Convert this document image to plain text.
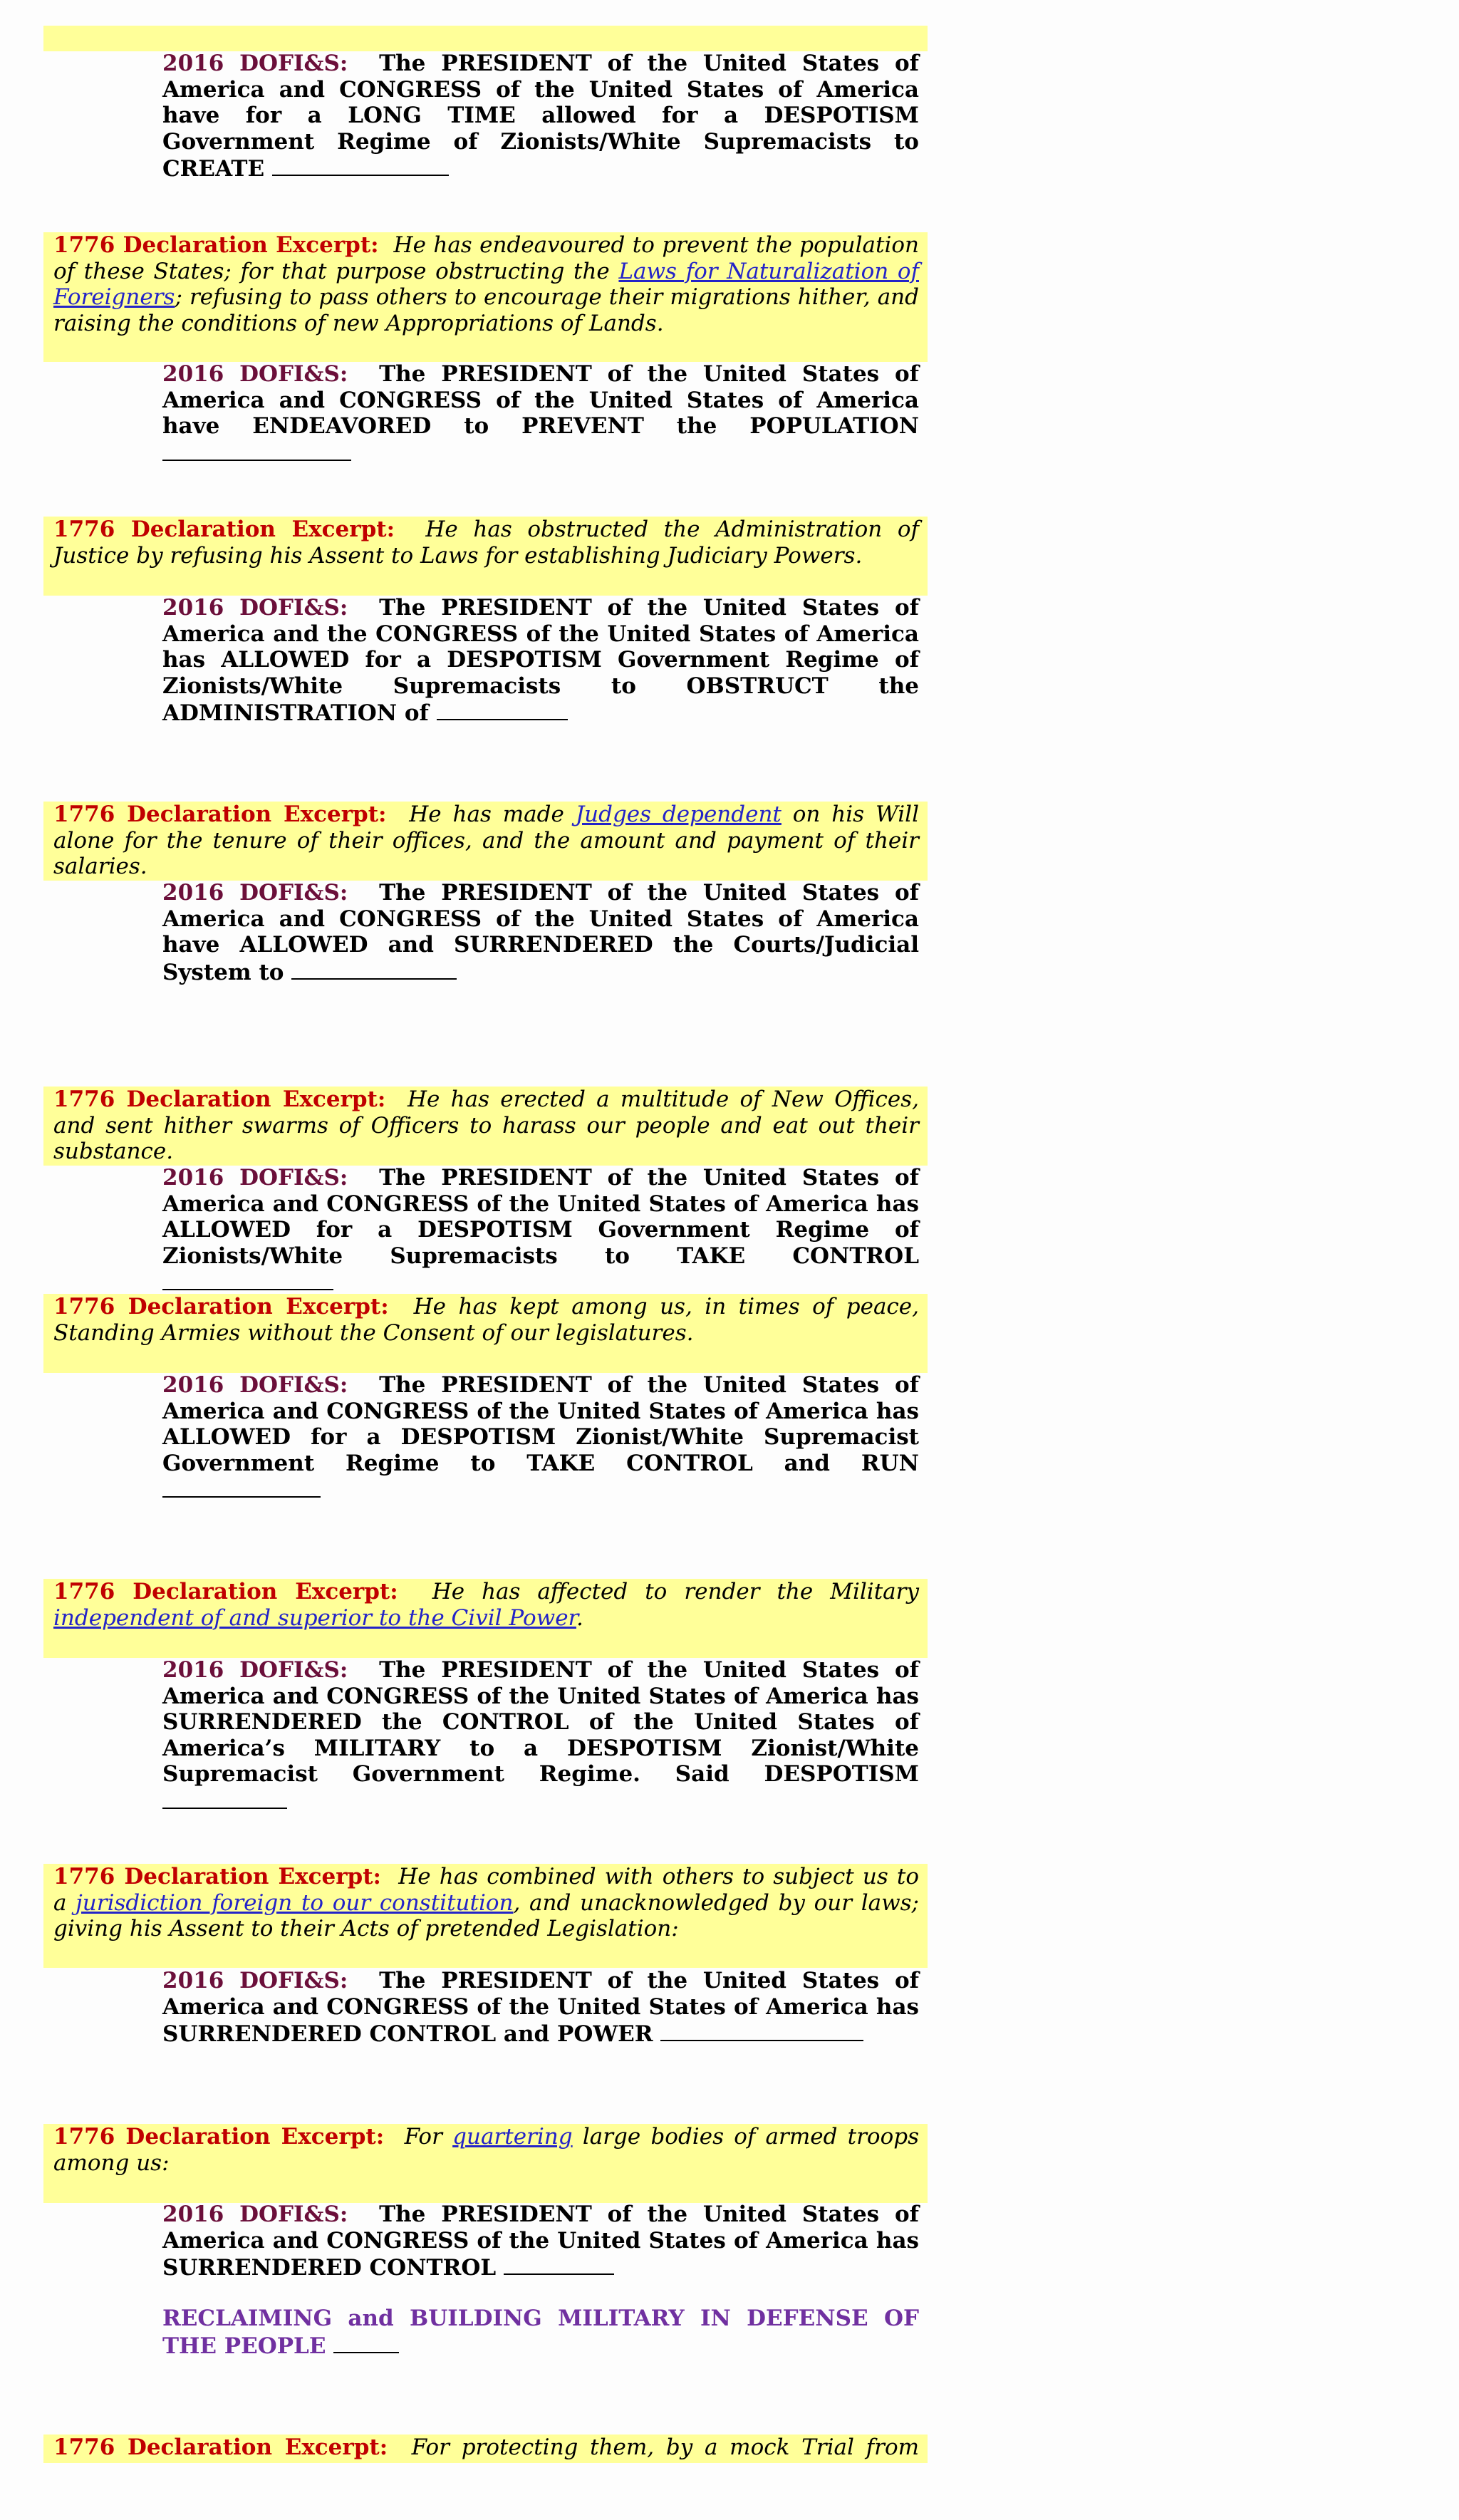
2016 DOFI&S: The PRESIDENT of the United States of America and CONGRESS of the United States of America have for a LONG TIME allowed for a DESPOTISM Government Regime of Zionists/White Supremacists to CREATE
1776 Declaration Excerpt: He has endeavoured to prevent the population of these States; for that purpose obstructing the Laws for Naturalization of Foreigners; refusing to pass others to encourage their migrations hither, and raising the conditions of new Appropriations of Lands.
2016 DOFI&S: The PRESIDENT of the United States of America and CONGRESS of the United States of America have ENDEAVORED to PREVENT the POPULATION
1776 Declaration Excerpt: He has obstructed the Administration of Justice by refusing his Assent to Laws for establishing Judiciary Powers.
2016 DOFI&S: The PRESIDENT of the United States of America and the CONGRESS of the United States of America has ALLOWED for a DESPOTISM Government Regime of Zionists/White Supremacists to OBSTRUCT the ADMINISTRATION of
1776 Declaration Excerpt: He has made Judges dependent on his Will alone for the tenure of their offices, and the amount and payment of their salaries.
2016 DOFI&S: The PRESIDENT of the United States of America and CONGRESS of the United States of America have ALLOWED and SURRENDERED the Courts/Judicial System to
1776 Declaration Excerpt: He has erected a multitude of New Offices, and sent hither swarms of Officers to harass our people and eat out their substance.
2016 DOFI&S: The PRESIDENT of the United States of America and CONGRESS of the United States of America has ALLOWED for a DESPOTISM Government Regime of Zionists/White Supremacists to TAKE CONTROL
1776 Declaration Excerpt: He has kept among us, in times of peace, Standing Armies without the Consent of our legislatures.
2016 DOFI&S: The PRESIDENT of the United States of America and CONGRESS of the United States of America has ALLOWED for a DESPOTISM Zionist/White Supremacist Government Regime to TAKE CONTROL and RUN
1776 Declaration Excerpt: He has affected to render the Military independent of and superior to the Civil Power.
2016 DOFI&S: The PRESIDENT of the United States of America and CONGRESS of the United States of America has SURRENDERED the CONTROL of the United States of America’s MILITARY to a DESPOTISM Zionist/White Supremacist Government Regime. Said DESPOTISM
1776 Declaration Excerpt: He has combined with others to subject us to a jurisdiction foreign to our constitution, and unacknowledged by our laws; giving his Assent to their Acts of pretended Legislation:
2016 DOFI&S: The PRESIDENT of the United States of America and CONGRESS of the United States of America has SURRENDERED CONTROL and POWER
1776 Declaration Excerpt: For quartering large bodies of armed troops among us:
2016 DOFI&S: The PRESIDENT of the United States of America and CONGRESS of the United States of America has SURRENDERED CONTROL
RECLAIMING and BUILDING MILITARY IN DEFENSE OF THE PEOPLE
1776 Declaration Excerpt: For protecting them, by a mock Trial from
